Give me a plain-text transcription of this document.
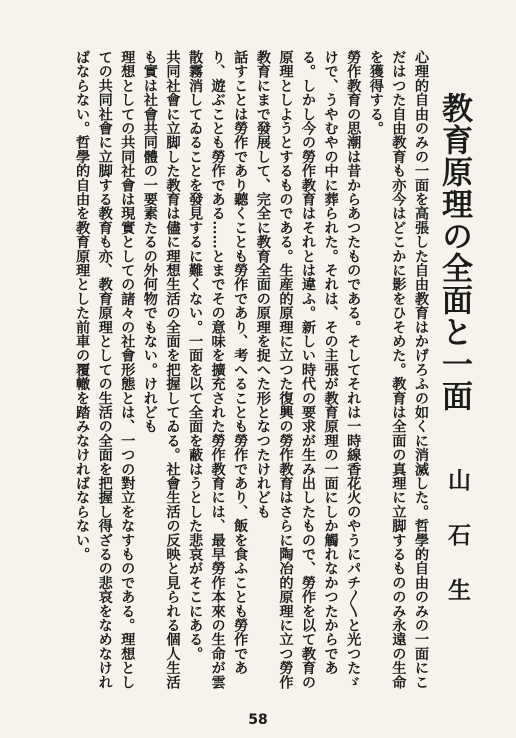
教育原理の全面と一面
山石生

心理的自由のみの一面を高張した自由教育はかげろふの如くに消滅した。哲學的自由のみの一面にこだはつた自由教育も亦今はどこかに影をひそめた。教育は全面の真理に立脚するもののみ永遠の生命を獲得する。

勞作教育の思潮は昔からあつたものである。そしてそれは一時線香花火のやうにパチ〱と光つたゞけで、うやむやの中に葬られた。それは、その主張が教育原理の一面にしか觸れなかつたからである。しかし今の勞作教育はそれとは違ふ。新しい時代の要求が生み出したもので、勞作を以て教育の原理としようとするものである。生産的原理に立つた復興の勞作教育はさらに陶冶的原理に立つ勞作教育にまで發展して、完全に教育全面の原理を捉へた形となつたけれども

話すことは勞作であり聽くことも勞作であり、考へることも勞作であり、飯を食ふことも勞作であり、遊ぶことも勞作である……とまでその意味を擴充された勞作教育には、最早勞作本來の生命が雲散霧消してゐることを發見するに難くない。一面を以て全面を蔽はうとした悲哀がそこにある。

共同社會に立脚した教育は儘に理想生活の全面を把握してゐる。社會生活の反映と見られる個人生活も實は社會共同體の一要素たるの外何物でもない。けれども

理想としての共同社會は現實としての諸々の社會形態とは、一つの對立をなすものである。理想としての共同社會に立脚する教育も亦、教育原理としての生活の全面を把握し得ざるの悲哀をなめなければならない。哲學的自由を教育原理とした前車の覆轍を踏みなければならない。

58
